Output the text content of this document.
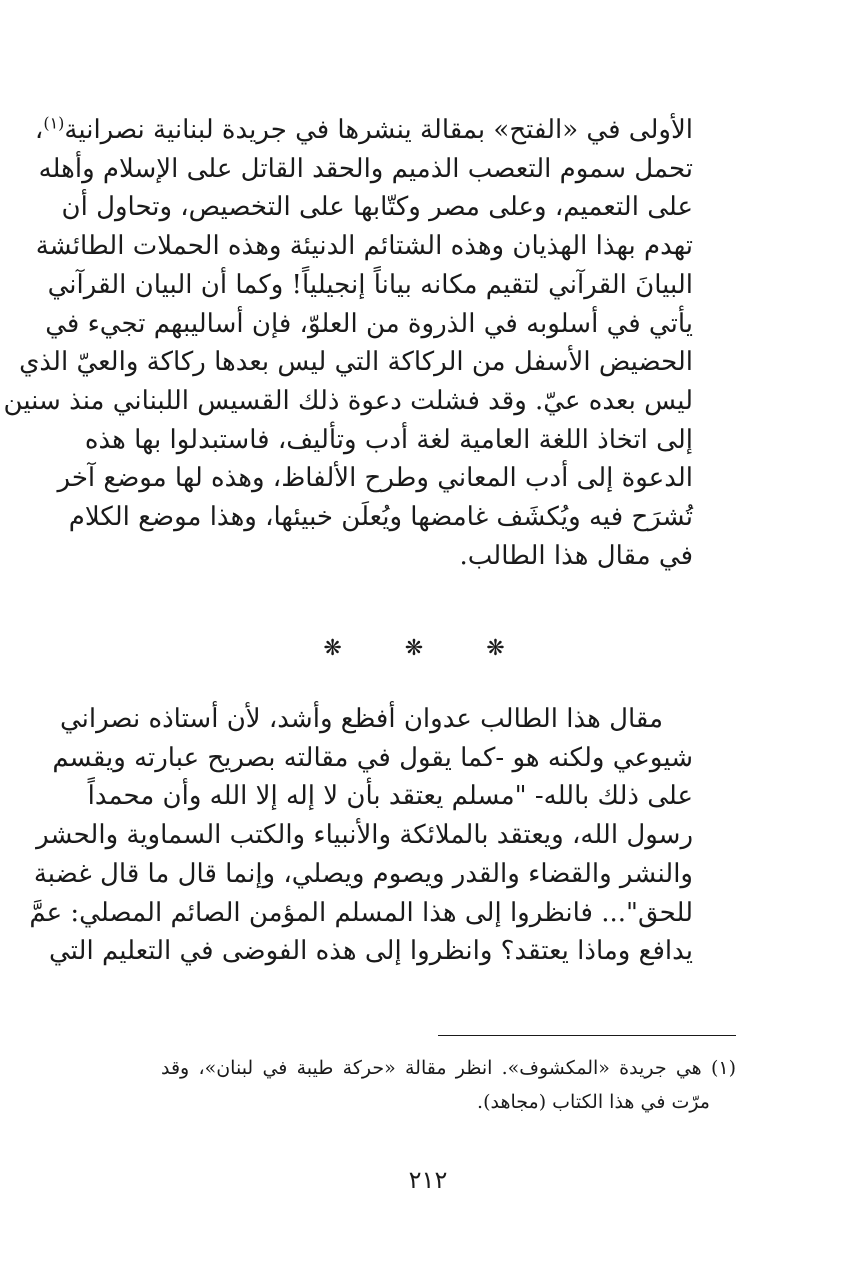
الأولى في «الفتح» بمقالة ينشرها في جريدة لبنانية نصرانية$^{(١)}$،
تحمل سموم التعصب الذميم والحقد القاتل على الإسلام وأهله
على التعميم، وعلى مصر وكتّابها على التخصيص، وتحاول أن
تهدم بهذا الهذيان وهذه الشتائم الدنيئة وهذه الحملات الطائشة
البيانَ القرآني لتقيم مكانه بياناً إنجيلياً! وكما أن البيان القرآني
يأتي في أسلوبه في الذروة من العلوّ، فإن أساليبهم تجيء في
الحضيض الأسفل من الركاكة التي ليس بعدها ركاكة والعيّ الذي
ليس بعده عيّ. وقد فشلت دعوة ذلك القسيس اللبناني منذ سنين
إلى اتخاذ اللغة العامية لغة أدب وتأليف، فاستبدلوا بها هذه
الدعوة إلى أدب المعاني وطرح الألفاظ، وهذه لها موضع آخر
تُشرَح فيه ويُكشَف غامضها ويُعلَن خبيئها، وهذا موضع الكلام
في مقال هذا الطالب.
❋ ❋ ❋
مقال هذا الطالب عدوان أفظع وأشد، لأن أستاذه نصراني
شيوعي ولكنه هو -كما يقول في مقالته بصريح عبارته ويقسم
على ذلك بالله- "مسلم يعتقد بأن لا إله إلا الله وأن محمداً
رسول الله، ويعتقد بالملائكة والأنبياء والكتب السماوية والحشر
والنشر والقضاء والقدر ويصوم ويصلي، وإنما قال ما قال غضبة
للحق"... فانظروا إلى هذا المسلم المؤمن الصائم المصلي: عمَّ
يدافع وماذا يعتقد؟ وانظروا إلى هذه الفوضى في التعليم التي
(١) هي جريدة «المكشوف». انظر مقالة «حركة طيبة في لبنان»، وقد
مرّت في هذا الكتاب (مجاهد).
٢١٢
